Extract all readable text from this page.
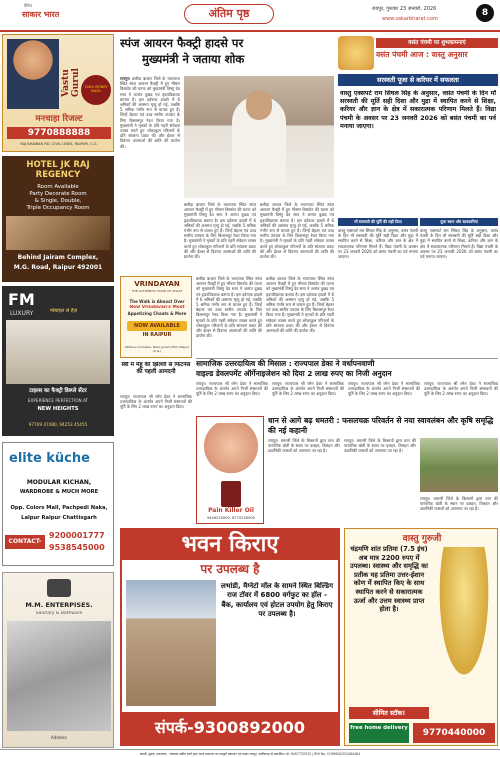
दैनिक
साकार भारत	अंतिम पृष्ठ	रायपुर, गुरुवार 23 जनवरी, 2026
www.sakarbharat.com
8
Vastu Gurul	100% MONEY BACK
मनचाहा रिजल्ट
9770888888
RAJ BHAWAN RD, CIVIL LINES, RAIPUR, C.G.
HOTEL JK RAJ REGENCY
Room Available
Party Decorate Room
& Single, Double,
Triple Occupancy Room
Behind Jairam Complex,
M.G. Road, Raipur 492001
FM
LUXURY	मोबाइल से हैज़
टाइल्स का फैक्ट्री डिस्प्ले सेंटर
EXPERIENCE PERFECTION AT
NEW HEIGHTS
97709 47480, 94253 45455
elite küche
MODULAR KICHAN,
WARDROBE & MUCH MORE
Opp. Colors Mall, Pachpedi Naka,
Lalpur Raipur Chattisgarh
CONTACT-
9200001777
9538545000
M.M. ENTERPISES.
Sanitary & Bathware
Address
स्पंज आयरन फैक्ट्री हादसे पर
मुख्यमंत्री ने जताया शोक
रायपुर। बलौदा बाजार जिले के भाटापारा स्थित स्पंज आयरन फैक्ट्री में हुए भीषण विस्फोट की घटना को मुख्यमंत्री विष्णु देव साय ने अत्यंत दुखद एवं हृदयविदारक बताया है। इस दर्दनाक हादसे में 6 श्रमिकों की असमय मृत्यु हो गई, जबकि 5 श्रमिक गंभीर रूप से घायल हुए हैं। जिन्हें बेहतर एवं उच्च स्तरीय उपचार के लिए बिलासपुर रेफर किया गया है। मुख्यमंत्री ने मृतकों के प्रति गहरी संवेदना व्यक्त करते हुए शोकाकुल परिजनों के प्रति सांत्वना प्रकट की और ईश्वर से दिवंगत आत्माओं की शांति की प्रार्थना की।
बलौदा बाजार जिले के भाटापारा स्थित स्पंज आयरन फैक्ट्री में हुए भीषण विस्फोट की घटना को मुख्यमंत्री विष्णु देव साय ने अत्यंत दुखद एवं हृदयविदारक बताया है। इस दर्दनाक हादसे में 6 श्रमिकों की असमय मृत्यु हो गई, जबकि 5 श्रमिक गंभीर रूप से घायल हुए हैं। जिन्हें बेहतर एवं उच्च स्तरीय उपचार के लिए बिलासपुर रेफर किया गया है। मुख्यमंत्री ने मृतकों के प्रति गहरी संवेदना व्यक्त करते हुए शोकाकुल परिजनों के प्रति सांत्वना प्रकट की और ईश्वर से दिवंगत आत्माओं की शांति की प्रार्थना की।
बलौदा बाजार जिले के भाटापारा स्थित स्पंज आयरन फैक्ट्री में हुए भीषण विस्फोट की घटना को मुख्यमंत्री विष्णु देव साय ने अत्यंत दुखद एवं हृदयविदारक बताया है। इस दर्दनाक हादसे में 6 श्रमिकों की असमय मृत्यु हो गई, जबकि 5 श्रमिक गंभीर रूप से घायल हुए हैं। जिन्हें बेहतर एवं उच्च स्तरीय उपचार के लिए बिलासपुर रेफर किया गया है। मुख्यमंत्री ने मृतकों के प्रति गहरी संवेदना व्यक्त करते हुए शोकाकुल परिजनों के प्रति सांत्वना प्रकट की और ईश्वर से दिवंगत आत्माओं की शांति की प्रार्थना की।
वसंत पंचमी पर शुभकामनाएं
वसंत पंचमी आज : वास्तु अनुसार
सरस्वती पूजा से करियर में सफलता
वास्तु एक्सपर्ट राम सिंघल सिंह के अनुसार, वसंत पंचमी के दिन माँ सरस्वती की मूर्ति सही दिशा और मुद्रा में स्थापित करने से शिक्षा, करियर और ज्ञान के क्षेत्र में सकारात्मक परिणाम मिलते हैं। विद्या पंचमी के अवसर पर 23 जनवरी 2026 को बसंत पंचमी का पर्व मनाया जाएगा।
माँ सरस्वती की मूर्ति की सही दिशा	पूजा स्थान और सावधानियां
वास्तु एक्सपर्ट राम सिंघल सिंह के अनुसार, वसंत पंचमी के दिन माँ सरस्वती की मूर्ति सही दिशा और मुद्रा में स्थापित करने से शिक्षा, करियर और ज्ञान के क्षेत्र में सकारात्मक परिणाम मिलते हैं। विद्या पंचमी के अवसर पर 23 जनवरी 2026 को बसंत पंचमी का पर्व मनाया जाएगा।
वास्तु एक्सपर्ट राम सिंघल सिंह के अनुसार, वसंत पंचमी के दिन माँ सरस्वती की मूर्ति सही दिशा और मुद्रा में स्थापित करने से शिक्षा, करियर और ज्ञान के क्षेत्र में सकारात्मक परिणाम मिलते हैं। विद्या पंचमी के अवसर पर 23 जनवरी 2026 को बसंत पंचमी का पर्व मनाया जाएगा।
VRINDAYAN
THE AUTHENTIC TASTE OF CHAAT
The Walk is Almost Over
Now Vrindavan's Most
Appetizing Chaats & More
NOW AVAILABLE
IN RAIPUR
Abhinav Complex, Near Jairam Mall, Raipur (C.G.)
बलौदा बाजार जिले के भाटापारा स्थित स्पंज आयरन फैक्ट्री में हुए भीषण विस्फोट की घटना को मुख्यमंत्री विष्णु देव साय ने अत्यंत दुखद एवं हृदयविदारक बताया है। इस दर्दनाक हादसे में 6 श्रमिकों की असमय मृत्यु हो गई, जबकि 5 श्रमिक गंभीर रूप से घायल हुए हैं। जिन्हें बेहतर एवं उच्च स्तरीय उपचार के लिए बिलासपुर रेफर किया गया है। मुख्यमंत्री ने मृतकों के प्रति गहरी संवेदना व्यक्त करते हुए शोकाकुल परिजनों के प्रति सांत्वना प्रकट की और ईश्वर से दिवंगत आत्माओं की शांति की प्रार्थना की।
बलौदा बाजार जिले के भाटापारा स्थित स्पंज आयरन फैक्ट्री में हुए भीषण विस्फोट की घटना को मुख्यमंत्री विष्णु देव साय ने अत्यंत दुखद एवं हृदयविदारक बताया है। इस दर्दनाक हादसे में 6 श्रमिकों की असमय मृत्यु हो गई, जबकि 5 श्रमिक गंभीर रूप से घायल हुए हैं। जिन्हें बेहतर एवं उच्च स्तरीय उपचार के लिए बिलासपुर रेफर किया गया है। मुख्यमंत्री ने मृतकों के प्रति गहरी संवेदना व्यक्त करते हुए शोकाकुल परिजनों के प्रति सांत्वना प्रकट की और ईश्वर से दिवंगत आत्माओं की शांति की प्रार्थना की।
सामाजिक उत्तरदायित्व की मिसाल : राज्यपाल डेका ने वर्धापनवाणी
वाइल्ड डेवलपमेंट ऑर्गेनाइजेशन को दिया 2 लाख रुपए का निजी अनुदान
रायपुर। राज्यपाल श्री रमेन डेका ने सामाजिक उत्तरदायित्व के अंतर्गत अपने निजी संसाधनों की पूर्ति के लिए 2 लाख रुपए का अनुदान दिया।
रायपुर। राज्यपाल श्री रमेन डेका ने सामाजिक उत्तरदायित्व के अंतर्गत अपने निजी संसाधनों की पूर्ति के लिए 2 लाख रुपए का अनुदान दिया।
रायपुर। राज्यपाल श्री रमेन डेका ने सामाजिक उत्तरदायित्व के अंतर्गत अपने निजी संसाधनों की पूर्ति के लिए 2 लाख रुपए का अनुदान दिया।
रायपुर। राज्यपाल श्री रमेन डेका ने सामाजिक उत्तरदायित्व के अंतर्गत अपने निजी संसाधनों की पूर्ति के लिए 2 लाख रुपए का अनुदान दिया।
स्त्री में मेंहू की झिल्ली से फिटनेस की पहली आमदनी
रायपुर। राज्यपाल श्री रमेन डेका ने सामाजिक उत्तरदायित्व के अंतर्गत अपने निजी संसाधनों की पूर्ति के लिए 2 लाख रुपए का अनुदान दिया।
Pain Killer Oil
9406220000, 8770250000
धान से आगे बढ़ धमतरी : फसलचक्र परिवर्तन से नया स्वावलंबन और कृषि समृद्धि की नई कहानी
रायपुर। धमतरी जिले के किसानों द्वारा धान की पारंपरिक खेती के स्थान पर दलहन, तिलहन और उद्यानिकी फसलों को अपनाया जा रहा है।
रायपुर। धमतरी जिले के किसानों द्वारा धान की पारंपरिक खेती के स्थान पर दलहन, तिलहन और उद्यानिकी फसलों को अपनाया जा रहा है।
रायपुर। धमतरी जिले के किसानों द्वारा धान की पारंपरिक खेती के स्थान पर दलहन, तिलहन और उद्यानिकी फसलों को अपनाया जा रहा है।
भवन किराए
पर उपलब्ध है
लभांडी, मैग्नेटो मॉल के सामने स्थित बिल्डिंग राज टॉवर में 6800 वर्गफुट का हॉल - बैंक, कार्यालय एवं होटल उपयोग हेतु किराए पर उपलब्ध है।
संपर्क-9300892000
वास्तु गुरुजी
चंद्रमणि शांत प्रतिमा (7.5 इंच) अब मात्र 2200 रुपए में उपलब्ध। स्वास्थ्य और समृद्धि का प्रतीक यह प्रतिमा उत्तर-ईशान कोण में स्थापित किए के साथ स्थापित करने से सकारात्मक ऊर्जा और उत्तम स्वास्थ्य प्राप्त होता है।
सीमित स्टॉक!
free home delivery	9770440000
स्वामी, मुद्रक, प्रकाशक - संपादक संदीप शर्मा द्वारा आज प्रकाशन का सम्पूर्ण प्रकाशन एवं प्रसार रायपुर, छत्तीसगढ़ से प्रकाशित। मो. 9407733333 | RNI No. CHHHIN/2024/84464
